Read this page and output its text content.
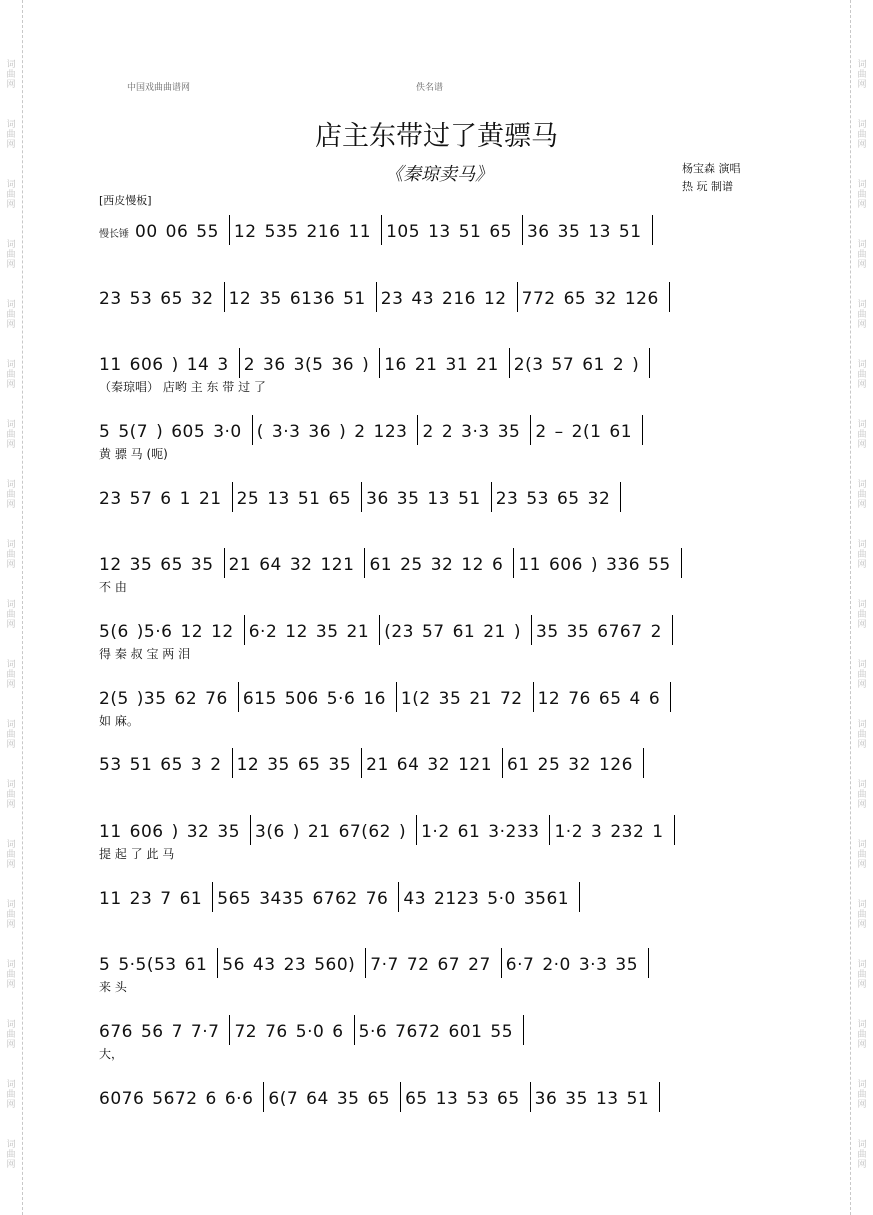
词
曲
网
词
曲
网
词
曲
网
词
曲
网
词
曲
网
词
曲
网
词
曲
网
词
曲
网
词
曲
网
词
曲
网
词
曲
网
词
曲
网
词
曲
网
词
曲
网
词
曲
网
词
曲
网
词
曲
网
词
曲
网
词
曲
网
词
曲
网
词
曲
网
词
曲
网
词
曲
网
词
曲
网
词
曲
网
词
曲
网
词
曲
网
词
曲
网
词
曲
网
词
曲
网
词
曲
网
词
曲
网
词
曲
网
词
曲
网
词
曲
网
词
曲
网
词
曲
网
词
曲
网
中国戏曲曲谱网	佚名谱
店主东带过了黄骠马
《秦琼卖马》	杨宝森 演唱
热 玩 制谱
[西皮慢板]
慢长锤 00 06 55 12 535 216 11 105 13 51 65 36 35 13 51
23 53 65 32 12 35 6136 51 23 43 216 12 772 65 32 126
11 606 ) 14 3 2 36 3(5 36 ) 16 21 31 21 2(3 57 61 2 )
（秦琼唱） 店哟 主 东 带 过 了
5 5(7 ) 605 3·0 ( 3·3 36 ) 2 123 2 2 3·3 35 2 – 2(1 61
黄 骠 马 (呃)
23 57 6 1 21 25 13 51 65 36 35 13 51 23 53 65 32
12 35 65 35 21 64 32 121 61 25 32 12 6 11 606 ) 336 55
不 由
5(6 )5·6 12 12 6·2 12 35 21 (23 57 61 21 ) 35 35 6767 2
得 秦 叔 宝 两 泪
2(5 )35 62 76 615 506 5·6 16 1(2 35 21 72 12 76 65 4 6
如 麻。
53 51 65 3 2 12 35 65 35 21 64 32 121 61 25 32 126
11 606 ) 32 35 3(6 ) 21 67(62 ) 1·2 61 3·233 1·2 3 232 1
提 起 了 此 马
11 23 7 61 565 3435 6762 76 43 2123 5·0 3561
5 5·5(53 61 56 43 23 560) 7·7 72 67 27 6·7 2·0 3·3 35
来 头
676 56 7 7·7 72 76 5·0 6 5·6 7672 601 55
大，
6076 5672 6 6·6 6(7 64 35 65 65 13 53 65 36 35 13 51
